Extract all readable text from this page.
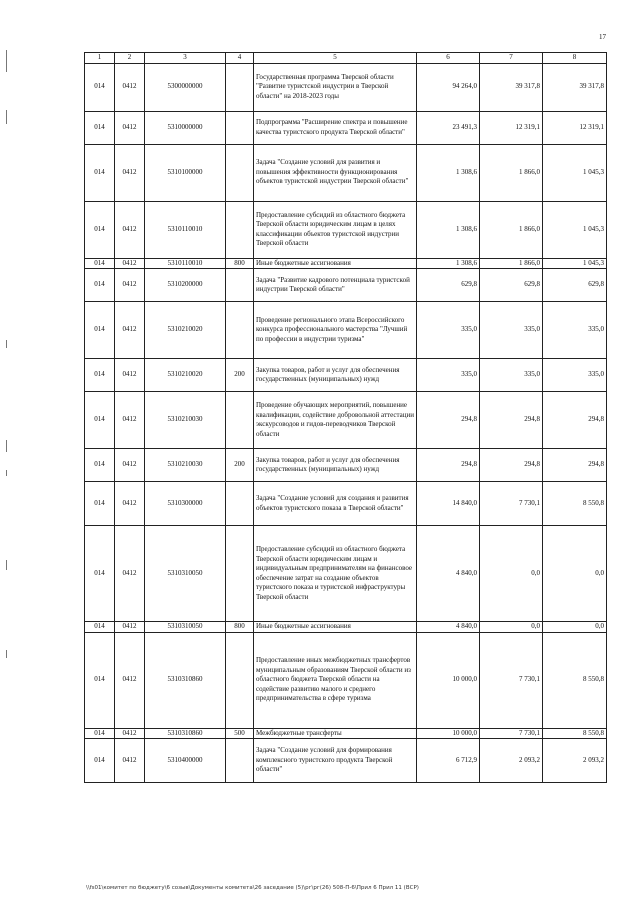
17
1	2	3	4	5	6	7	8
014	0412	5300000000		Государственная программа Тверской области "Развитие туристской индустрии в Тверской области" на 2018-2023 годы	94 264,0	39 317,8	39 317,8
014	0412	5310000000		Подпрограмма "Расширение спектра и повышение качества туристского продукта Тверской области"	23 491,3	12 319,1	12 319,1
014	0412	5310100000		Задача "Создание условий для развития и повышения эффективности функционирования объектов туристской индустрии Тверской области"	1 308,6	1 866,0	1 045,3
014	0412	5310110010		Предоставление субсидий из областного бюджета Тверской области юридическим лицам в целях классификации объектов туристской индустрии Тверской области	1 308,6	1 866,0	1 045,3
014	0412	5310110010	800	Иные бюджетные ассигнования	1 308,6	1 866,0	1 045,3
014	0412	5310200000		Задача "Развитие кадрового потенциала туристской индустрии Тверской области"	629,8	629,8	629,8
014	0412	5310210020		Проведение регионального этапа Всероссийского конкурса профессионального мастерства "Лучший по профессии в индустрии туризма"	335,0	335,0	335,0
014	0412	5310210020	200	Закупка товаров, работ и услуг для обеспечения государственных (муниципальных) нужд	335,0	335,0	335,0
014	0412	5310210030		Проведение обучающих мероприятий, повышение квалификации, содействие добровольной аттестации экскурсоводов и гидов-переводчиков Тверской области	294,8	294,8	294,8
014	0412	5310210030	200	Закупка товаров, работ и услуг для обеспечения государственных (муниципальных) нужд	294,8	294,8	294,8
014	0412	5310300000		Задача "Создание условий для создания и развития объектов туристского показа в Тверской области"	14 840,0	7 730,1	8 550,8
014	0412	5310310050		Предоставление субсидий из областного бюджета Тверской области юридическим лицам и индивидуальным предпринимателям на финансовое обеспечение затрат на создание объектов туристского показа и туристской инфраструктуры Тверской области	4 840,0	0,0	0,0
014	0412	5310310050	800	Иные бюджетные ассигнования	4 840,0	0,0	0,0
014	0412	5310310860		Предоставление иных межбюджетных трансфертов муниципальным образованиям Тверской области из областного бюджета Тверской области на содействие развитию малого и среднего предпринимательства в сфере туризма	10 000,0	7 730,1	8 550,8
014	0412	5310310860	500	Межбюджетные трансферты	10 000,0	7 730,1	8 550,8
014	0412	5310400000		Задача "Создание условий для формирования комплексного туристского продукта Тверской области"	6 712,9	2 093,2	2 093,2
\\fs01\комитет по бюджету\6 созыв\Документы комитета\26 заседание (5)\рг\рг(26) 508-П-6\Прил 6 Прил 11 (ВСР)
